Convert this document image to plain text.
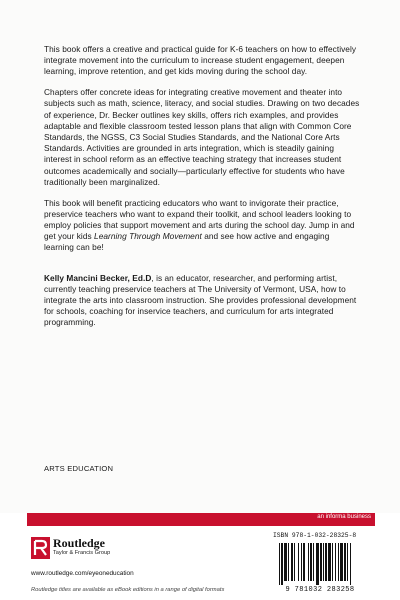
This book offers a creative and practical guide for K-6 teachers on how to effectively integrate movement into the curriculum to increase student engagement, deepen learning, improve retention, and get kids moving during the school day.

Chapters offer concrete ideas for integrating creative movement and theater into subjects such as math, science, literacy, and social studies. Drawing on two decades of experience, Dr. Becker outlines key skills, offers rich examples, and provides adaptable and flexible classroom tested lesson plans that align with Common Core Standards, the NGSS, C3 Social Studies Standards, and the National Core Arts Standards. Activities are grounded in arts integration, which is steadily gaining interest in school reform as an effective teaching strategy that increases student outcomes academically and socially—particularly effective for students who have traditionally been marginalized.

This book will benefit practicing educators who want to invigorate their practice, preservice teachers who want to expand their toolkit, and school leaders looking to employ policies that support movement and arts during the school day. Jump in and get your kids Learning Through Movement and see how active and engaging learning can be!

Kelly Mancini Becker, Ed.D, is an educator, researcher, and performing artist, currently teaching preservice teachers at The University of Vermont, USA, how to integrate the arts into classroom instruction. She provides professional development for schools, coaching for inservice teachers, and curriculum for arts integrated programming.

ARTS EDUCATION
an informa business
Routledge
Taylor & Francis Group
www.routledge.com/eyeoneducation
Routledge titles are available as eBook editions in a range of digital formats
ISBN 978-1-032-28325-8
9 781032 283258
